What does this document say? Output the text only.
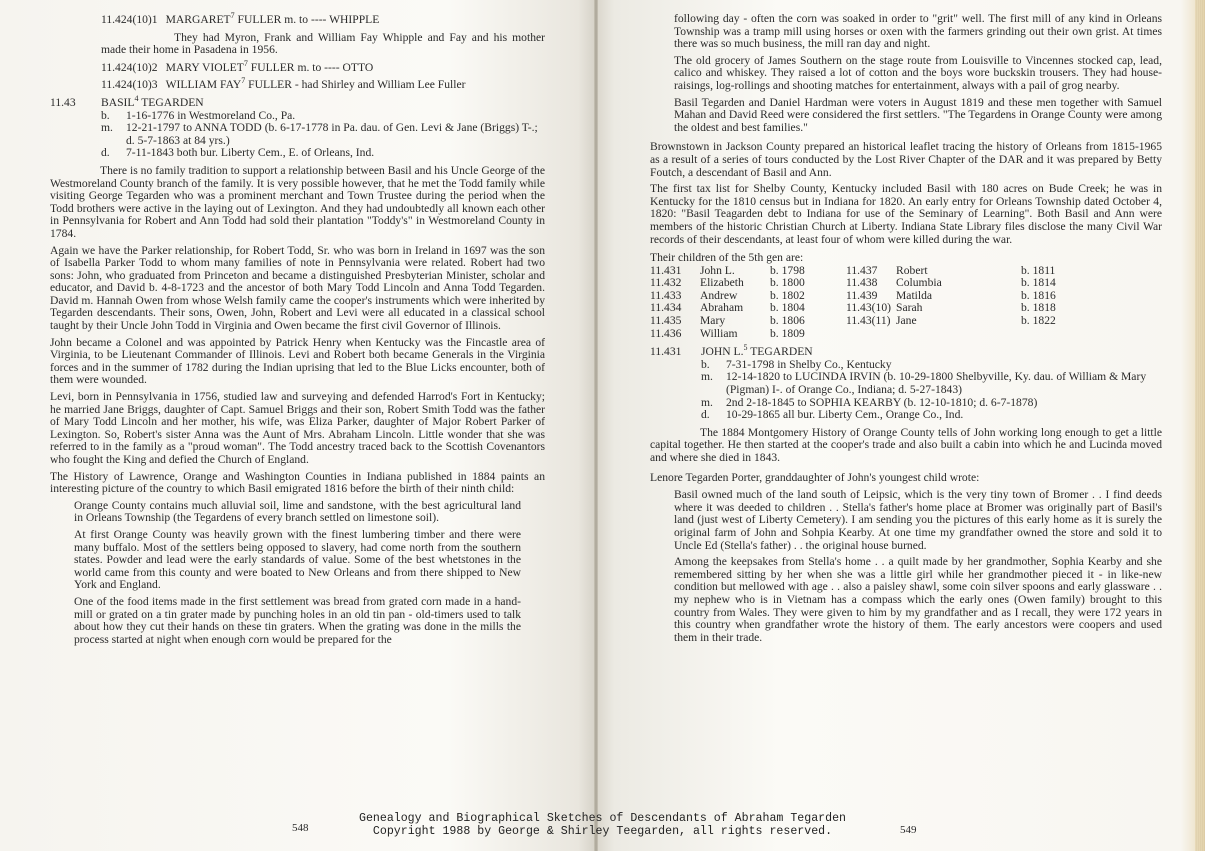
11.424(10)1 MARGARET$^7$ FULLER m. to ---- WHIPPLE

They had Myron, Frank and William Fay Whipple and Fay and his mother made their home in Pasadena in 1956.

11.424(10)2 MARY VIOLET$^7$ FULLER m. to ---- OTTO
11.424(10)3 WILLIAM FAY$^7$ FULLER - had Shirley and William Lee Fuller
11.43	BASIL$^4$ TEGARDEN
b.	1-16-1776 in Westmoreland Co., Pa.
m.	12-21-1797 to ANNA TODD (b. 6-17-1778 in Pa. dau. of Gen. Levi & Jane (Briggs) T-.; d. 5-7-1863 at 84 yrs.)
d.	7-11-1843 both bur. Liberty Cem., E. of Orleans, Ind.

There is no family tradition to support a relationship between Basil and his Uncle George of the Westmoreland County branch of the family. It is very possible however, that he met the Todd family while visiting George Tegarden who was a prominent merchant and Town Trustee during the period when the Todd brothers were active in the laying out of Lexington. And they had undoubtedly all known each other in Pennsylvania for Robert and Ann Todd had sold their plantation "Toddy's" in Westmoreland County in 1784.

Again we have the Parker relationship, for Robert Todd, Sr. who was born in Ireland in 1697 was the son of Isabella Parker Todd to whom many families of note in Pennsylvania were related. Robert had two sons: John, who graduated from Princeton and became a distinguished Presbyterian Minister, scholar and educator, and David b. 4-8-1723 and the ancestor of both Mary Todd Lincoln and Anna Todd Tegarden. David m. Hannah Owen from whose Welsh family came the cooper's instruments which were inherited by Tegarden descendants. Their sons, Owen, John, Robert and Levi were all educated in a classical school taught by their Uncle John Todd in Virginia and Owen became the first civil Governor of Illinois.

John became a Colonel and was appointed by Patrick Henry when Kentucky was the Fincastle area of Virginia, to be Lieutenant Commander of Illinois. Levi and Robert both became Generals in the Virginia forces and in the summer of 1782 during the Indian uprising that led to the Blue Licks encounter, both of them were wounded.

Levi, born in Pennsylvania in 1756, studied law and surveying and defended Harrod's Fort in Kentucky; he married Jane Briggs, daughter of Capt. Samuel Briggs and their son, Robert Smith Todd was the father of Mary Todd Lincoln and her mother, his wife, was Eliza Parker, daughter of Major Robert Parker of Lexington. So, Robert's sister Anna was the Aunt of Mrs. Abraham Lincoln. Little wonder that she was referred to in the family as a "proud woman". The Todd ancestry traced back to the Scottish Covenantors who fought the King and defied the Church of England.

The History of Lawrence, Orange and Washington Counties in Indiana published in 1884 paints an interesting picture of the country to which Basil emigrated 1816 before the birth of their ninth child:

Orange County contains much alluvial soil, lime and sandstone, with the best agricultural land in Orleans Township (the Tegardens of every branch settled on limestone soil).

At first Orange County was heavily grown with the finest lumbering timber and there were many buffalo. Most of the settlers being opposed to slavery, had come north from the southern states. Powder and lead were the early standards of value. Some of the best whetstones in the world came from this county and were boated to New Orleans and from there shipped to New York and England.

One of the food items made in the first settlement was bread from grated corn made in a hand-mill or grated on a tin grater made by punching holes in an old tin pan - old-timers used to talk about how they cut their hands on these tin graters. When the grating was done in the mills the process started at night when enough corn would be prepared for the

548

following day - often the corn was soaked in order to "grit" well. The first mill of any kind in Orleans Township was a tramp mill using horses or oxen with the farmers grinding out their own grist. At times there was so much business, the mill ran day and night.

The old grocery of James Southern on the stage route from Louisville to Vincennes stocked cap, lead, calico and whiskey. They raised a lot of cotton and the boys wore buckskin trousers. They had house-raisings, log-rollings and shooting matches for entertainment, always with a pail of grog nearby.

Basil Tegarden and Daniel Hardman were voters in August 1819 and these men together with Samuel Mahan and David Reed were considered the first settlers. "The Tegardens in Orange County were among the oldest and best families."

Brownstown in Jackson County prepared an historical leaflet tracing the history of Orleans from 1815-1965 as a result of a series of tours conducted by the Lost River Chapter of the DAR and it was prepared by Betty Foutch, a descendant of Basil and Ann.

The first tax list for Shelby County, Kentucky included Basil with 180 acres on Bude Creek; he was in Kentucky for the 1810 census but in Indiana for 1820. An early entry for Orleans Township dated October 4, 1820: "Basil Teagarden debt to Indiana for use of the Seminary of Learning". Both Basil and Ann were members of the historic Christian Church at Liberty. Indiana State Library files disclose the many Civil War records of their descendants, at least four of whom were killed during the war.

Their children of the 5th gen are:
11.431	John L.	b. 1798	11.437	Robert	b. 1811
11.432	Elizabeth	b. 1800	11.438	Columbia	b. 1814
11.433	Andrew	b. 1802	11.439	Matilda	b. 1816
11.434	Abraham	b. 1804	11.43(10) Sarah	b. 1818
11.435	Mary	b. 1806	11.43(11) Jane	b. 1822
11.436	William	b. 1809
11.431	JOHN L.$^5$ TEGARDEN
b.	7-31-1798 in Shelby Co., Kentucky
m.	12-14-1820 to LUCINDA IRVIN (b. 10-29-1800 Shelbyville, Ky. dau. of William & Mary (Pigman) I-. of Orange Co., Indiana; d. 5-27-1843)
m.	2nd 2-18-1845 to SOPHIA KEARBY (b. 12-10-1810; d. 6-7-1878)
d.	10-29-1865 all bur. Liberty Cem., Orange Co., Ind.

The 1884 Montgomery History of Orange County tells of John working long enough to get a little capital together. He then started at the cooper's trade and also built a cabin into which he and Lucinda moved and where she died in 1843.

Lenore Tegarden Porter, granddaughter of John's youngest child wrote:

Basil owned much of the land south of Leipsic, which is the very tiny town of Bromer . . I find deeds where it was deeded to children . . Stella's father's home place at Bromer was originally part of Basil's land (just west of Liberty Cemetery). I am sending you the pictures of this early home as it is surely the original farm of John and Sohpia Kearby. At one time my grandfather owned the store and sold it to Uncle Ed (Stella's father) . . the original house burned.

Among the keepsakes from Stella's home . . a quilt made by her grandmother, Sophia Kearby and she remembered sitting by her when she was a little girl while her grandmother pieced it - in like-new condition but mellowed with age . . also a paisley shawl, some coin silver spoons and early glassware . . my nephew who is in Vietnam has a compass which the early ones (Owen family) brought to this country from Wales. They were given to him by my grandfather and as I recall, they were 172 years in this country when grandfather wrote the history of them. The early ancestors were coopers and used them in their trade.

549
Genealogy and Biographical Sketches of Descendants of Abraham Tegarden
Copyright 1988 by George & Shirley Teegarden, all rights reserved.
